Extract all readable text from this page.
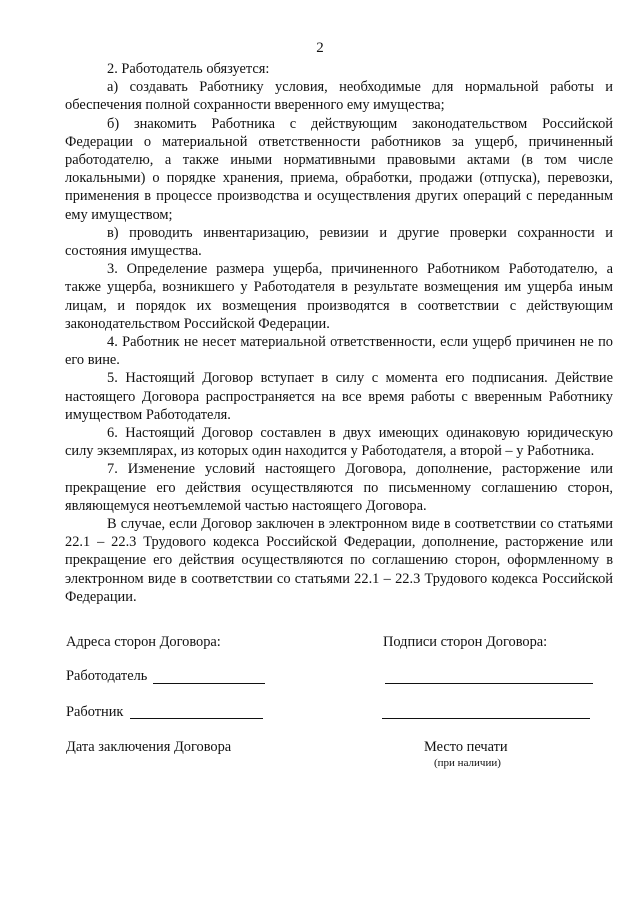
2

2. Работодатель обязуется:

а) создавать Работнику условия, необходимые для нормальной работы и обеспечения полной сохранности вверенного ему имущества;

б) знакомить Работника с действующим законодательством Российской Федерации о материальной ответственности работников за ущерб, причиненный работодателю, а также иными нормативными правовыми актами (в том числе локальными) о порядке хранения, приема, обработки, продажи (отпуска), перевозки, применения в процессе производства и осуществления других операций с переданным ему имуществом;

в) проводить инвентаризацию, ревизии и другие проверки сохранности и состояния имущества.

3. Определение размера ущерба, причиненного Работником Работодателю, а также ущерба, возникшего у Работодателя в результате возмещения им ущерба иным лицам, и порядок их возмещения производятся в соответствии с действующим законодательством Российской Федерации.

4. Работник не несет материальной ответственности, если ущерб причинен не по его вине.

5. Настоящий Договор вступает в силу с момента его подписания. Действие настоящего Договора распространяется на все время работы с вверенным Работнику имуществом Работодателя.

6. Настоящий Договор составлен в двух имеющих одинаковую юридическую силу экземплярах, из которых один находится у Работодателя, а второй – у Работника.

7. Изменение условий настоящего Договора, дополнение, расторжение или прекращение его действия осуществляются по письменному соглашению сторон, являющемуся неотъемлемой частью настоящего Договора.

В случае, если Договор заключен в электронном виде в соответствии со статьями 22.1 – 22.3 Трудового кодекса Российской Федерации, дополнение, расторжение или прекращение его действия осуществляются по соглашению сторон, оформленному в электронном виде в соответствии со статьями 22.1 – 22.3 Трудового кодекса Российской Федерации.

Адреса сторон Договора:	Подписи сторон Договора:
Работодатель
Работник
Дата заключения Договора	Место печати
(при наличии)
